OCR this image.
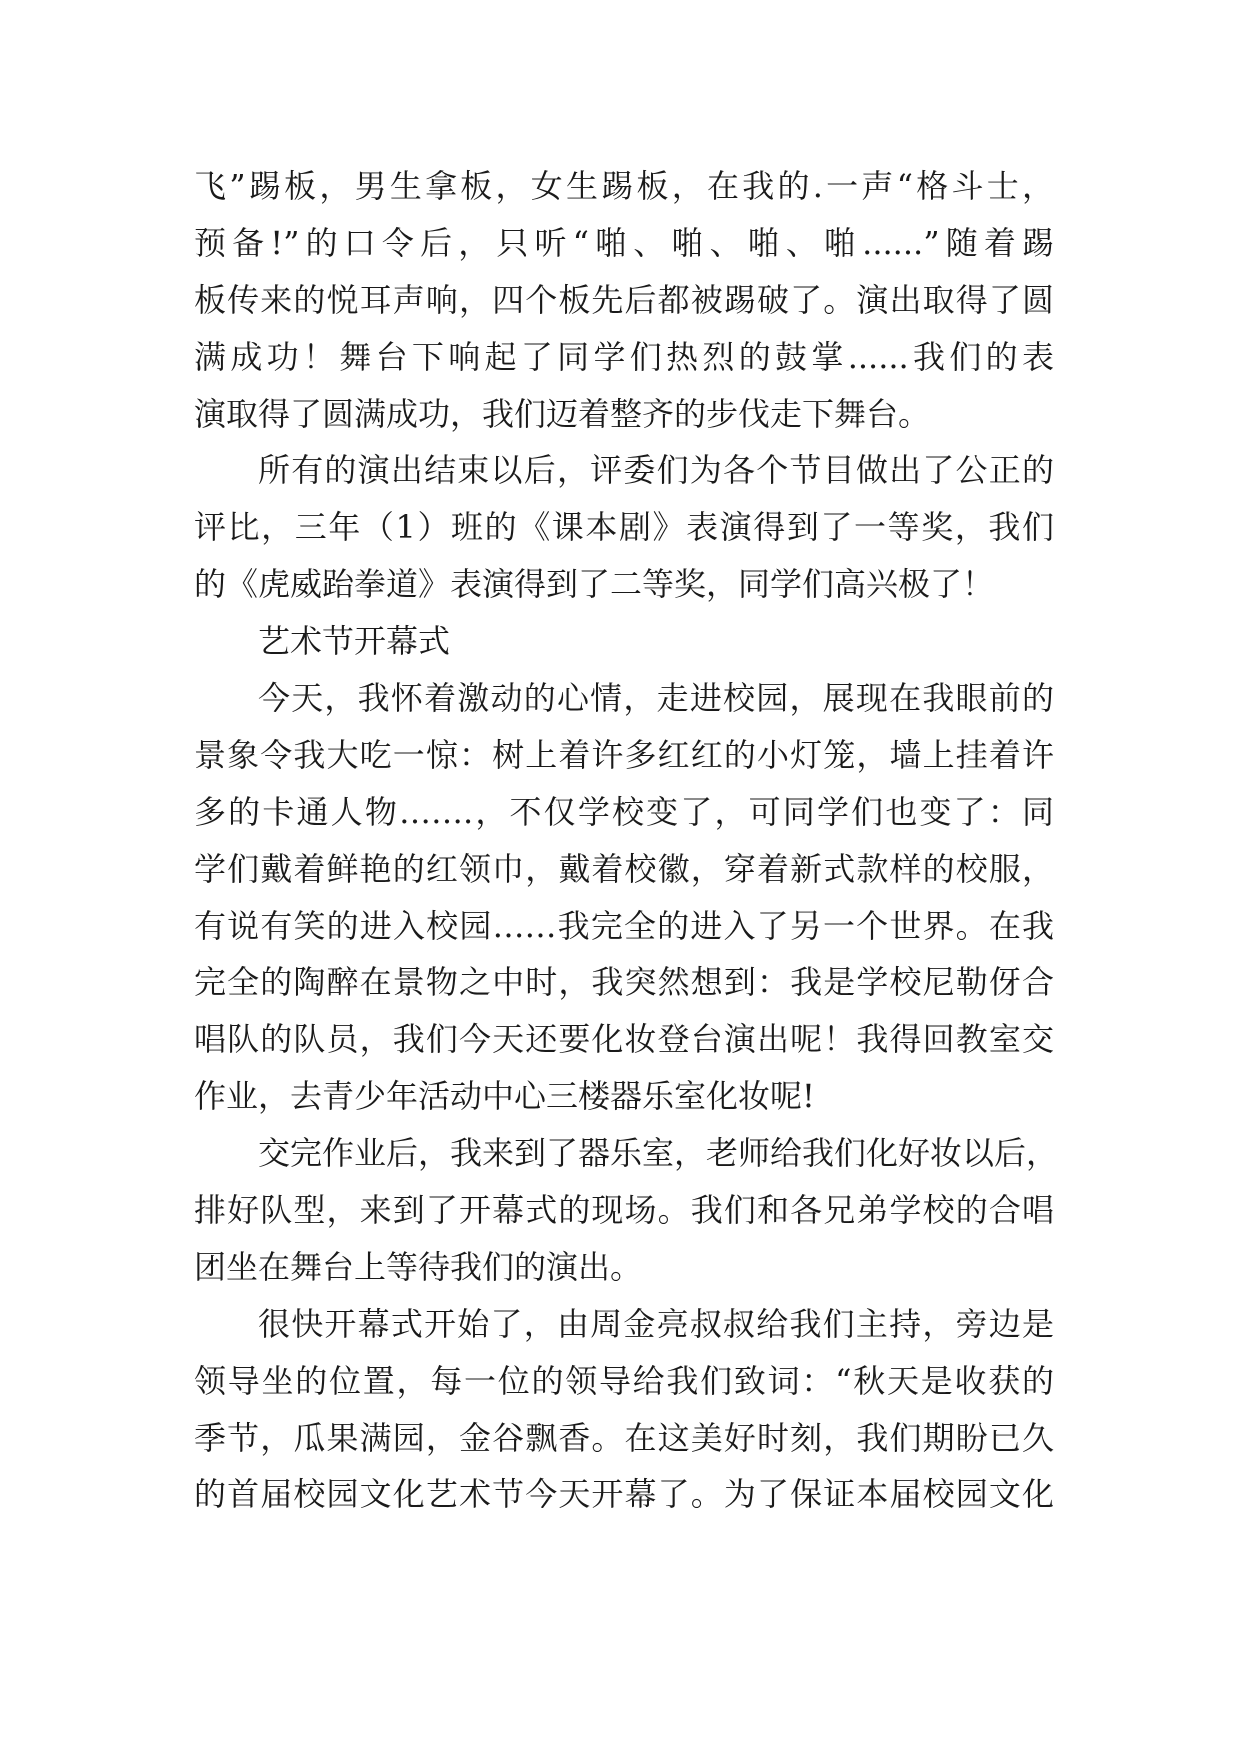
飞”踢板，男生拿板，女生踢板，在我的.一声“格斗士，
预备!”的口令后，只听“啪、啪、啪、啪......”随着踢
板传来的悦耳声响，四个板先后都被踢破了。演出取得了圆
满成功！舞台下响起了同学们热烈的鼓掌......我们的表
演取得了圆满成功，我们迈着整齐的步伐走下舞台。
所有的演出结束以后，评委们为各个节目做出了公正的
评比，三年（1）班的《课本剧》表演得到了一等奖，我们
的《虎威跆拳道》表演得到了二等奖，同学们高兴极了！
艺术节开幕式
今天，我怀着激动的心情，走进校园，展现在我眼前的
景象令我大吃一惊：树上着许多红红的小灯笼，墙上挂着许
多的卡通人物…….，不仅学校变了，可同学们也变了：同
学们戴着鲜艳的红领巾，戴着校徽，穿着新式款样的校服，
有说有笑的进入校园……我完全的进入了另一个世界。在我
完全的陶醉在景物之中时，我突然想到：我是学校尼勒伢合
唱队的队员，我们今天还要化妆登台演出呢！我得回教室交
作业，去青少年活动中心三楼器乐室化妆呢!
交完作业后，我来到了器乐室，老师给我们化好妆以后，
排好队型，来到了开幕式的现场。我们和各兄弟学校的合唱
团坐在舞台上等待我们的演出。
很快开幕式开始了，由周金亮叔叔给我们主持，旁边是
领导坐的位置，每一位的领导给我们致词：“秋天是收获的
季节，瓜果满园，金谷飘香。在这美好时刻，我们期盼已久
的首届校园文化艺术节今天开幕了。为了保证本届校园文化
